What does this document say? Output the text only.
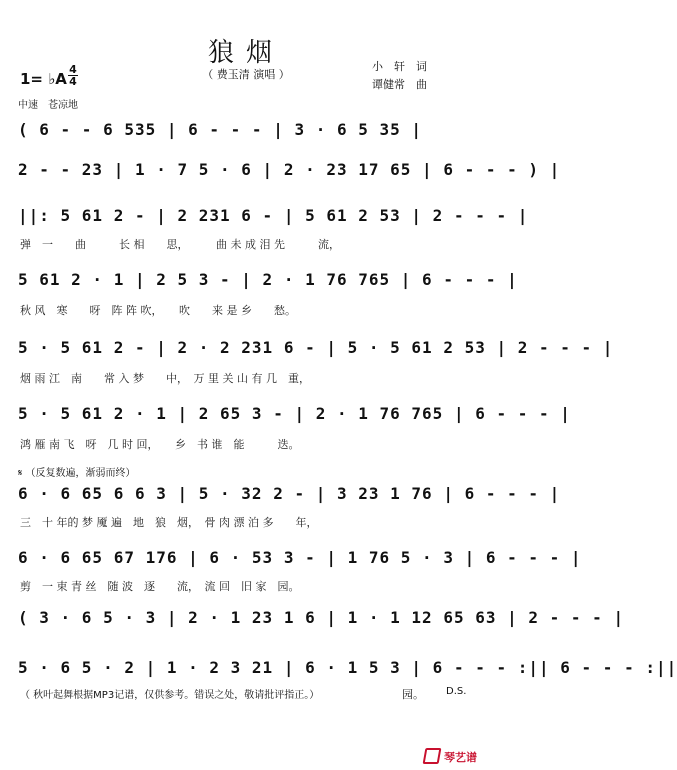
狼烟
（ 费玉清 演唱 ）
小　轩　词
谭健常　曲
1= ♭A
4
4
中速　苍凉地
( 6 - - 6 535 | 6 - - - | 3 · 6 5 35 |
2 - - 23 | 1 · 7 5 · 6 | 2 · 23 17 65 | 6 - - - ) |
||: 5 61 2 - | 2 231 6 - | 5 61 2 53 | 2 - - - |
弹　一　　曲　　　长 相　　思，　　　曲 未 成 泪 先　　　流，
5 61 2 · 1 | 2 5 3 - | 2 · 1 76 765 | 6 - - - |
秋 风　寒　　呀　阵 阵 吹，　　吹　　来 是 乡　　愁。
5 · 5 61 2 - | 2 · 2 231 6 - | 5 · 5 61 2 53 | 2 - - - |
烟 雨 江　南　　常 入 梦　　中，　万 里 关 山 有 几　重，
5 · 5 61 2 · 1 | 2 65 3 - | 2 · 1 76 765 | 6 - - - |
鸿 雁 南 飞　呀　几 时 回，　　乡　书 谁　能　　　迭。
𝄋 （反复数遍，渐弱而终）
6 · 6 65 6 6 3 | 5 · 32 2 - | 3 23 1 76 | 6 - - - |
三　十 年的 梦 魇 遍　地　狼　烟，　骨 肉 漂 泊 多　　年，
6 · 6 65 67 176 | 6 · 53 3 - | 1 76 5 · 3 | 6 - - - |
剪　一 束 青 丝　随 波　逐　　流，　流 回　旧 家　园。
( 3 · 6 5 · 3 | 2 · 1 23 1 6 | 1 · 1 12 65 63 | 2 - - - |
5 · 6 5 · 2 | 1 · 2 3 21 | 6 · 1 5 3 | 6 - - - :|| 6 - - - :||
（ 秋叶起舞根据MP3记谱，仅供参考。错误之处，敬请批评指正。）	园。 D.S.
琴艺谱
